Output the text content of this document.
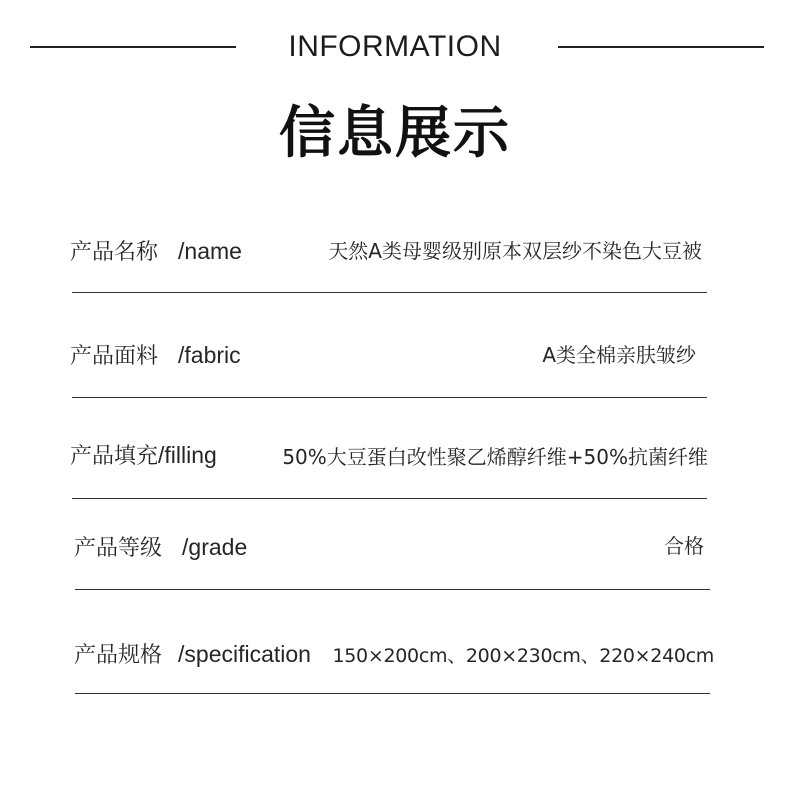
INFORMATION
信息展示
产品名称 /name	天然A类母婴级别原本双层纱不染色大豆被
产品面料 /fabric	A类全棉亲肤皱纱
产品填充/filling	50%大豆蛋白改性聚乙烯醇纤维+50%抗菌纤维
产品等级 /grade	合格
产品规格 /specification 150×200cm、200×230cm、220×240cm
